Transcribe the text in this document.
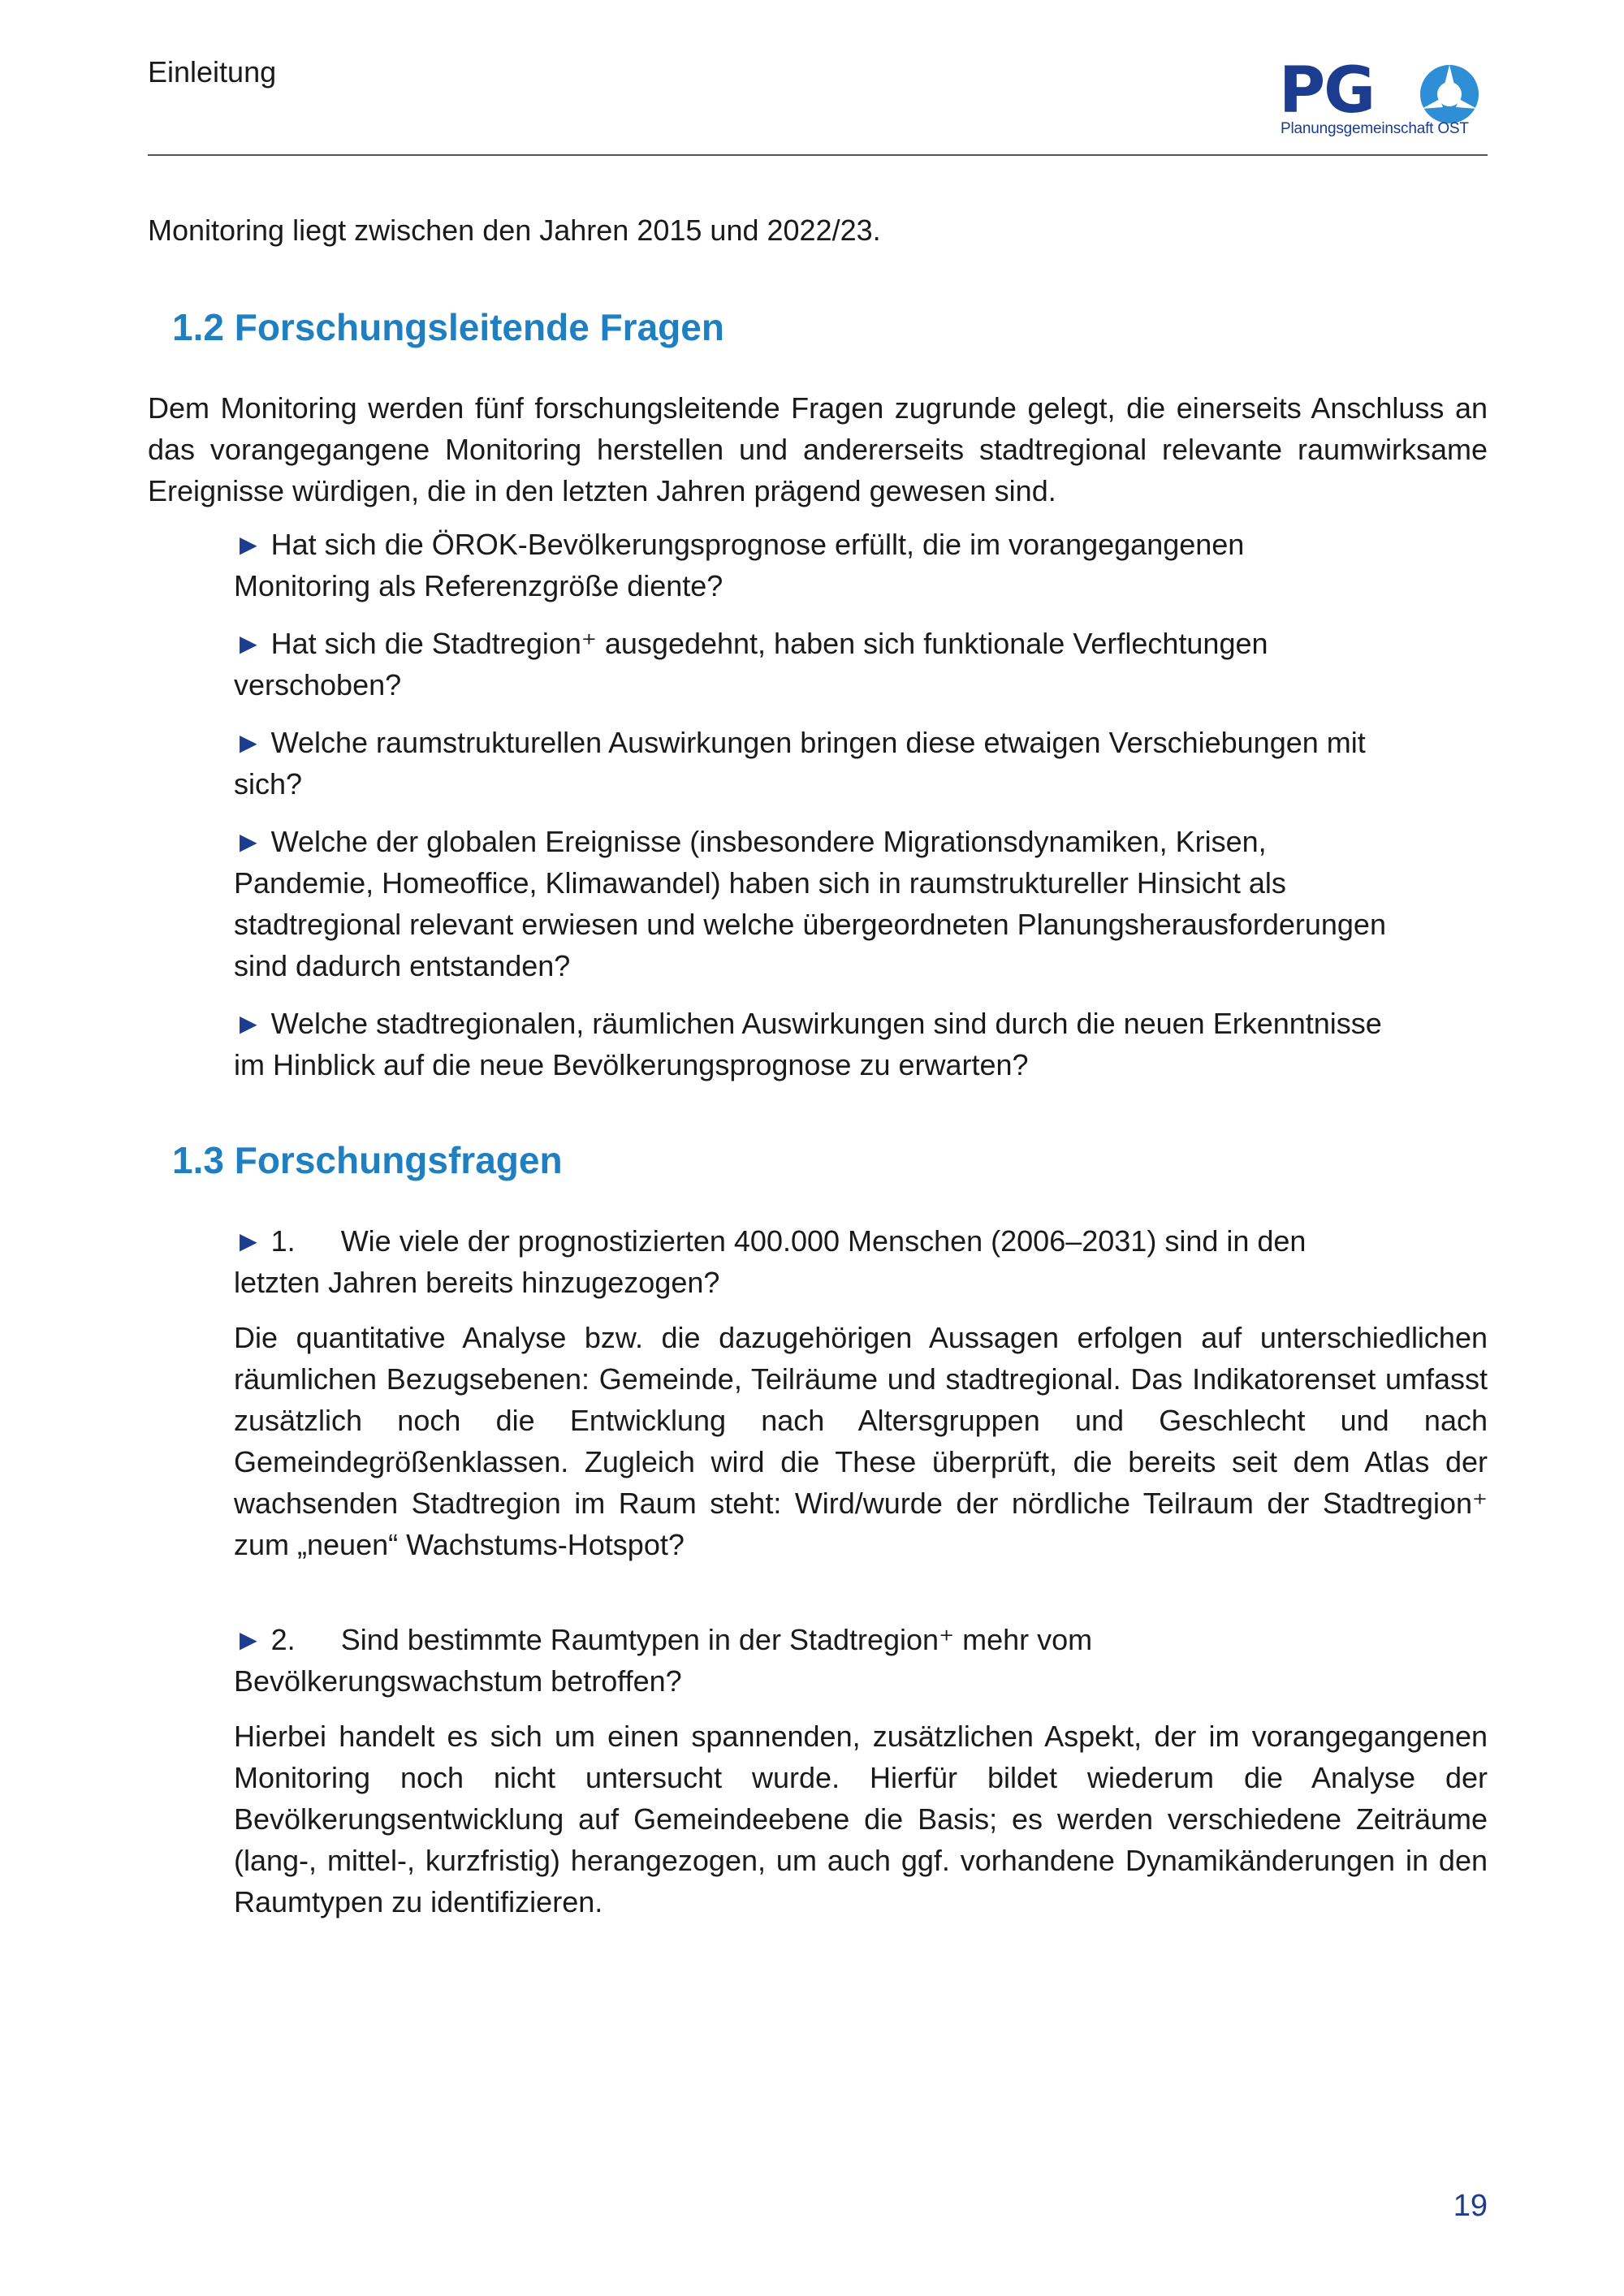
Einleitung	PG
Planungsgemeinschaft OST

Monitoring liegt zwischen den Jahren 2015 und 2022/23.

1.2 Forschungsleitende Fragen

Dem Monitoring werden fünf forschungsleitende Fragen zugrunde gelegt, die einerseits Anschluss an das vorangegangene Monitoring herstellen und andererseits stadtregional relevante raumwirksame Ereignisse würdigen, die in den letzten Jahren prägend gewesen sind.

► Hat sich die ÖROK-Bevölkerungsprognose erfüllt, die im vorangegangenen Monitoring als Referenzgröße diente?

► Hat sich die Stadtregion⁺ ausgedehnt, haben sich funktionale Verflechtungen verschoben?

► Welche raumstrukturellen Auswirkungen bringen diese etwaigen Verschiebungen mit sich?

► Welche der globalen Ereignisse (insbesondere Migrationsdynamiken, Krisen, Pandemie, Homeoffice, Klimawandel) haben sich in raumstruktureller Hinsicht als stadtregional relevant erwiesen und welche übergeordneten Planungsherausforderungen sind dadurch entstanden?

► Welche stadtregionalen, räumlichen Auswirkungen sind durch die neuen Erkenntnisse im Hinblick auf die neue Bevölkerungsprognose zu erwarten?

1.3 Forschungsfragen

► 1. Wie viele der prognostizierten 400.000 Menschen (2006–2031) sind in den letzten Jahren bereits hinzugezogen?

Die quantitative Analyse bzw. die dazugehörigen Aussagen erfolgen auf unterschiedlichen räumlichen Bezugsebenen: Gemeinde, Teilräume und stadtregional. Das Indikatorenset umfasst zusätzlich noch die Entwicklung nach Altersgruppen und Geschlecht und nach Gemeindegrößenklassen. Zugleich wird die These überprüft, die bereits seit dem Atlas der wachsenden Stadtregion im Raum steht: Wird/wurde der nördliche Teilraum der Stadtregion⁺ zum „neuen“ Wachstums-Hotspot?

► 2. Sind bestimmte Raumtypen in der Stadtregion⁺ mehr vom Bevölkerungswachstum betroffen?

Hierbei handelt es sich um einen spannenden, zusätzlichen Aspekt, der im vorangegangenen Monitoring noch nicht untersucht wurde. Hierfür bildet wiederum die Analyse der Bevölkerungsentwicklung auf Gemeindeebene die Basis; es werden verschiedene Zeiträume (lang-, mittel-, kurzfristig) herangezogen, um auch ggf. vorhandene Dynamikänderungen in den Raumtypen zu identifizieren.

19
